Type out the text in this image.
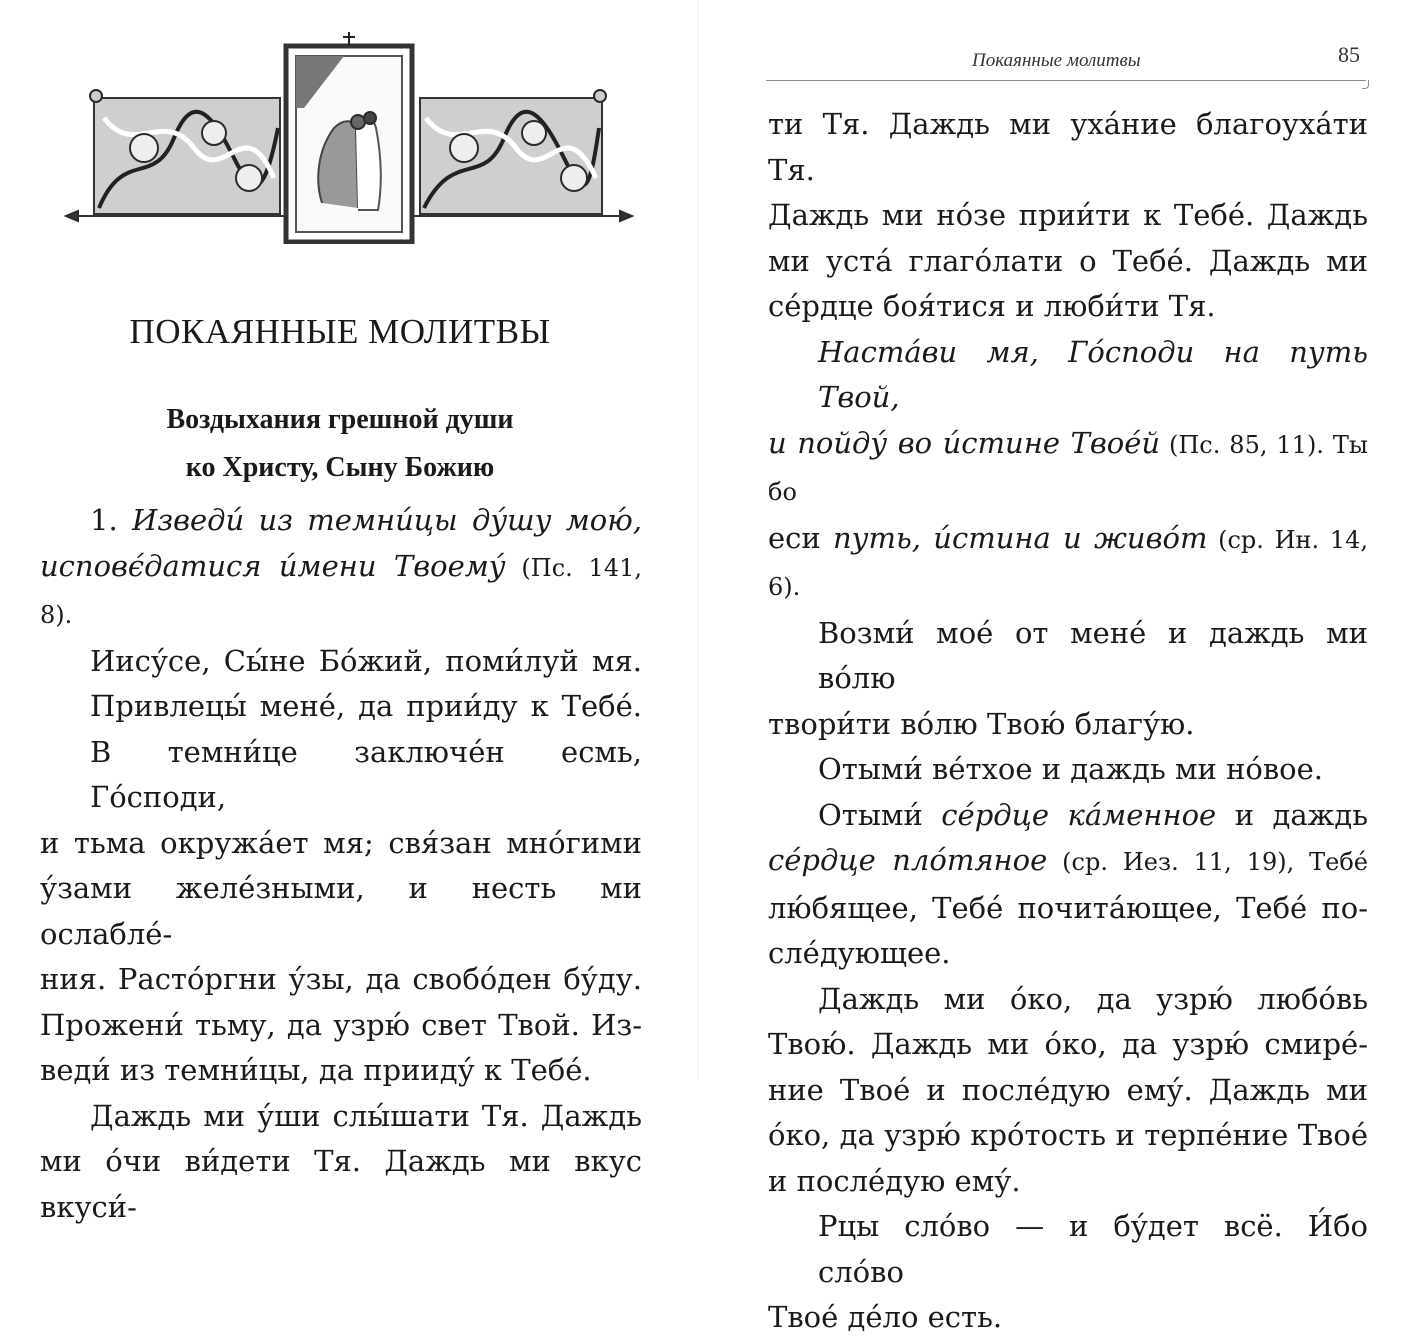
ПОКАЯННЫЕ МОЛИТВЫ
Воздыхания грешной души
ко Христу, Сыну Божию
1. Изведи́ из темни́цы ду́шу мою́,
исповє́датися и́мени Твоему́ (Пс. 141, 8).
Иису́се, Сы́не Бо́жий, поми́луй мя.
Привлецы́ мене́, да прии́ду к Тебе́.
В темни́це заключе́н есмь, Го́споди,
и тьма окружа́ет мя; свя́зан мно́гими
у́зами желе́зными, и несть ми ослабле́-
ния. Расто́ргни у́зы, да свобо́ден бу́ду.
Прожени́ тьму, да узрю́ свет Твой. Из-
веди́ из темни́цы, да прииду́ к Тебе́.
Даждь ми у́ши слы́шати Тя. Даждь
ми о́чи ви́дети Тя. Даждь ми вкус вкуси́-
Покаянные молитвы	85
ти Тя. Даждь ми уха́ние благоуха́ти Тя.
Даждь ми но́зе прии́ти к Тебе́. Даждь
ми уста́ глаго́лати о Тебе́. Даждь ми
се́рдце боя́тися и люби́ти Тя.
Наста́ви мя, Го́споди на путь Твой,
и пойду́ во и́стине Твое́й (Пс. 85, 11). Ты бо
еси путь, и́стина и живо́т (ср. Ин. 14, 6).
Возми́ мое́ от мене́ и даждь ми во́лю
твори́ти во́лю Твою́ благу́ю.
Отыми́ ве́тхое и даждь ми но́вое.
Отыми́ се́рдце ка́менное и даждь
се́рдце пло́тяное (ср. Иез. 11, 19), Тебе́
лю́бящее, Тебе́ почита́ющее, Тебе́ по-
сле́дующее.
Даждь ми о́ко, да узрю́ любо́вь
Твою́. Даждь ми о́ко, да узрю́ смире́-
ние Твое́ и после́дую ему́. Даждь ми
о́ко, да узрю́ кро́тость и терпе́ние Твое́
и после́дую ему́.
Рцы сло́во — и бу́дет всё. И́бо сло́во
Твое́ де́ло есть.
